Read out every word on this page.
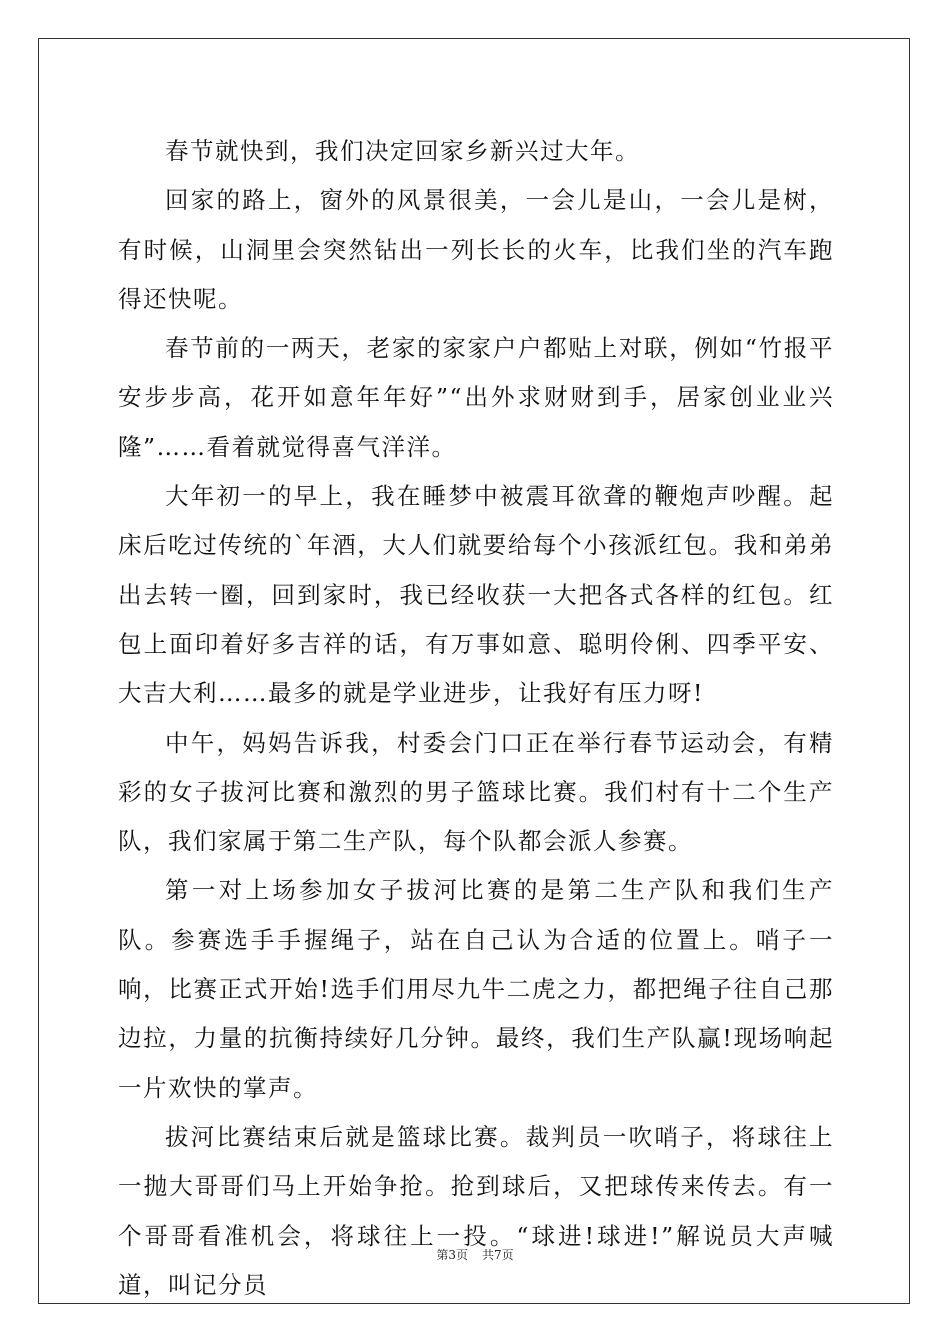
春节就快到，我们决定回家乡新兴过大年。

回家的路上，窗外的风景很美，一会儿是山，一会儿是树，有时候，山洞里会突然钻出一列长长的火车，比我们坐的汽车跑得还快呢。

春节前的一两天，老家的家家户户都贴上对联，例如“竹报平安步步高，花开如意年年好”“出外求财财到手，居家创业业兴隆”……看着就觉得喜气洋洋。

大年初一的早上，我在睡梦中被震耳欲聋的鞭炮声吵醒。起床后吃过传统的`年酒，大人们就要给每个小孩派红包。我和弟弟出去转一圈，回到家时，我已经收获一大把各式各样的红包。红包上面印着好多吉祥的话，有万事如意、聪明伶俐、四季平安、大吉大利……最多的就是学业进步，让我好有压力呀!

中午，妈妈告诉我，村委会门口正在举行春节运动会，有精彩的女子拔河比赛和激烈的男子篮球比赛。我们村有十二个生产队，我们家属于第二生产队，每个队都会派人参赛。

第一对上场参加女子拔河比赛的是第二生产队和我们生产队。参赛选手手握绳子，站在自己认为合适的位置上。哨子一响，比赛正式开始!选手们用尽九牛二虎之力，都把绳子往自己那边拉，力量的抗衡持续好几分钟。最终，我们生产队赢!现场响起一片欢快的掌声。

拔河比赛结束后就是篮球比赛。裁判员一吹哨子，将球往上一抛大哥哥们马上开始争抢。抢到球后，又把球传来传去。有一个哥哥看准机会，将球往上一投。“球进!球进!”解说员大声喊道，叫记分员

第3页 共7页
